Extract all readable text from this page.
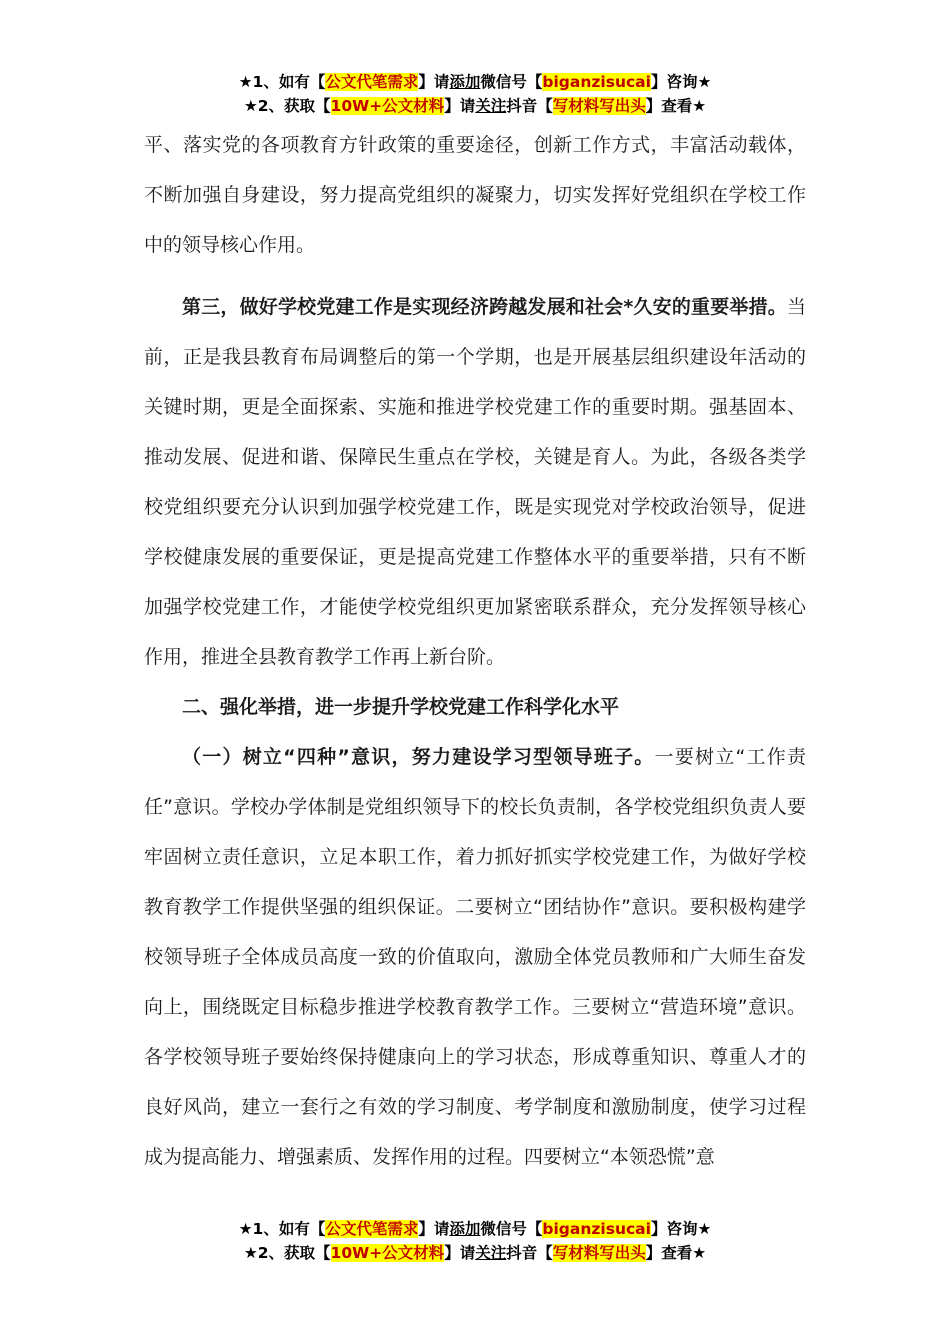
★1、如有【公文代笔需求】请添加微信号【biganzisucai】咨询★
★2、获取【10W+公文材料】请关注抖音【写材料写出头】查看★

平、落实党的各项教育方针政策的重要途径，创新工作方式，丰富活动载体，不断加强自身建设，努力提高党组织的凝聚力，切实发挥好党组织在学校工作中的领导核心作用。

第三，做好学校党建工作是实现经济跨越发展和社会*久安的重要举措。当前，正是我县教育布局调整后的第一个学期，也是开展基层组织建设年活动的关键时期，更是全面探索、实施和推进学校党建工作的重要时期。强基固本、推动发展、促进和谐、保障民生重点在学校，关键是育人。为此，各级各类学校党组织要充分认识到加强学校党建工作，既是实现党对学校政治领导，促进学校健康发展的重要保证，更是提高党建工作整体水平的重要举措，只有不断加强学校党建工作，才能使学校党组织更加紧密联系群众，充分发挥领导核心作用，推进全县教育教学工作再上新台阶。

二、强化举措，进一步提升学校党建工作科学化水平

（一）树立“四种”意识，努力建设学习型领导班子。一要树立“工作责任”意识。学校办学体制是党组织领导下的校长负责制，各学校党组织负责人要牢固树立责任意识，立足本职工作，着力抓好抓实学校党建工作，为做好学校教育教学工作提供坚强的组织保证。二要树立“团结协作”意识。要积极构建学校领导班子全体成员高度一致的价值取向，激励全体党员教师和广大师生奋发向上，围绕既定目标稳步推进学校教育教学工作。三要树立“营造环境”意识。各学校领导班子要始终保持健康向上的学习状态，形成尊重知识、尊重人才的良好风尚，建立一套行之有效的学习制度、考学制度和激励制度，使学习过程成为提高能力、增强素质、发挥作用的过程。四要树立“本领恐慌”意

★1、如有【公文代笔需求】请添加微信号【biganzisucai】咨询★
★2、获取【10W+公文材料】请关注抖音【写材料写出头】查看★
